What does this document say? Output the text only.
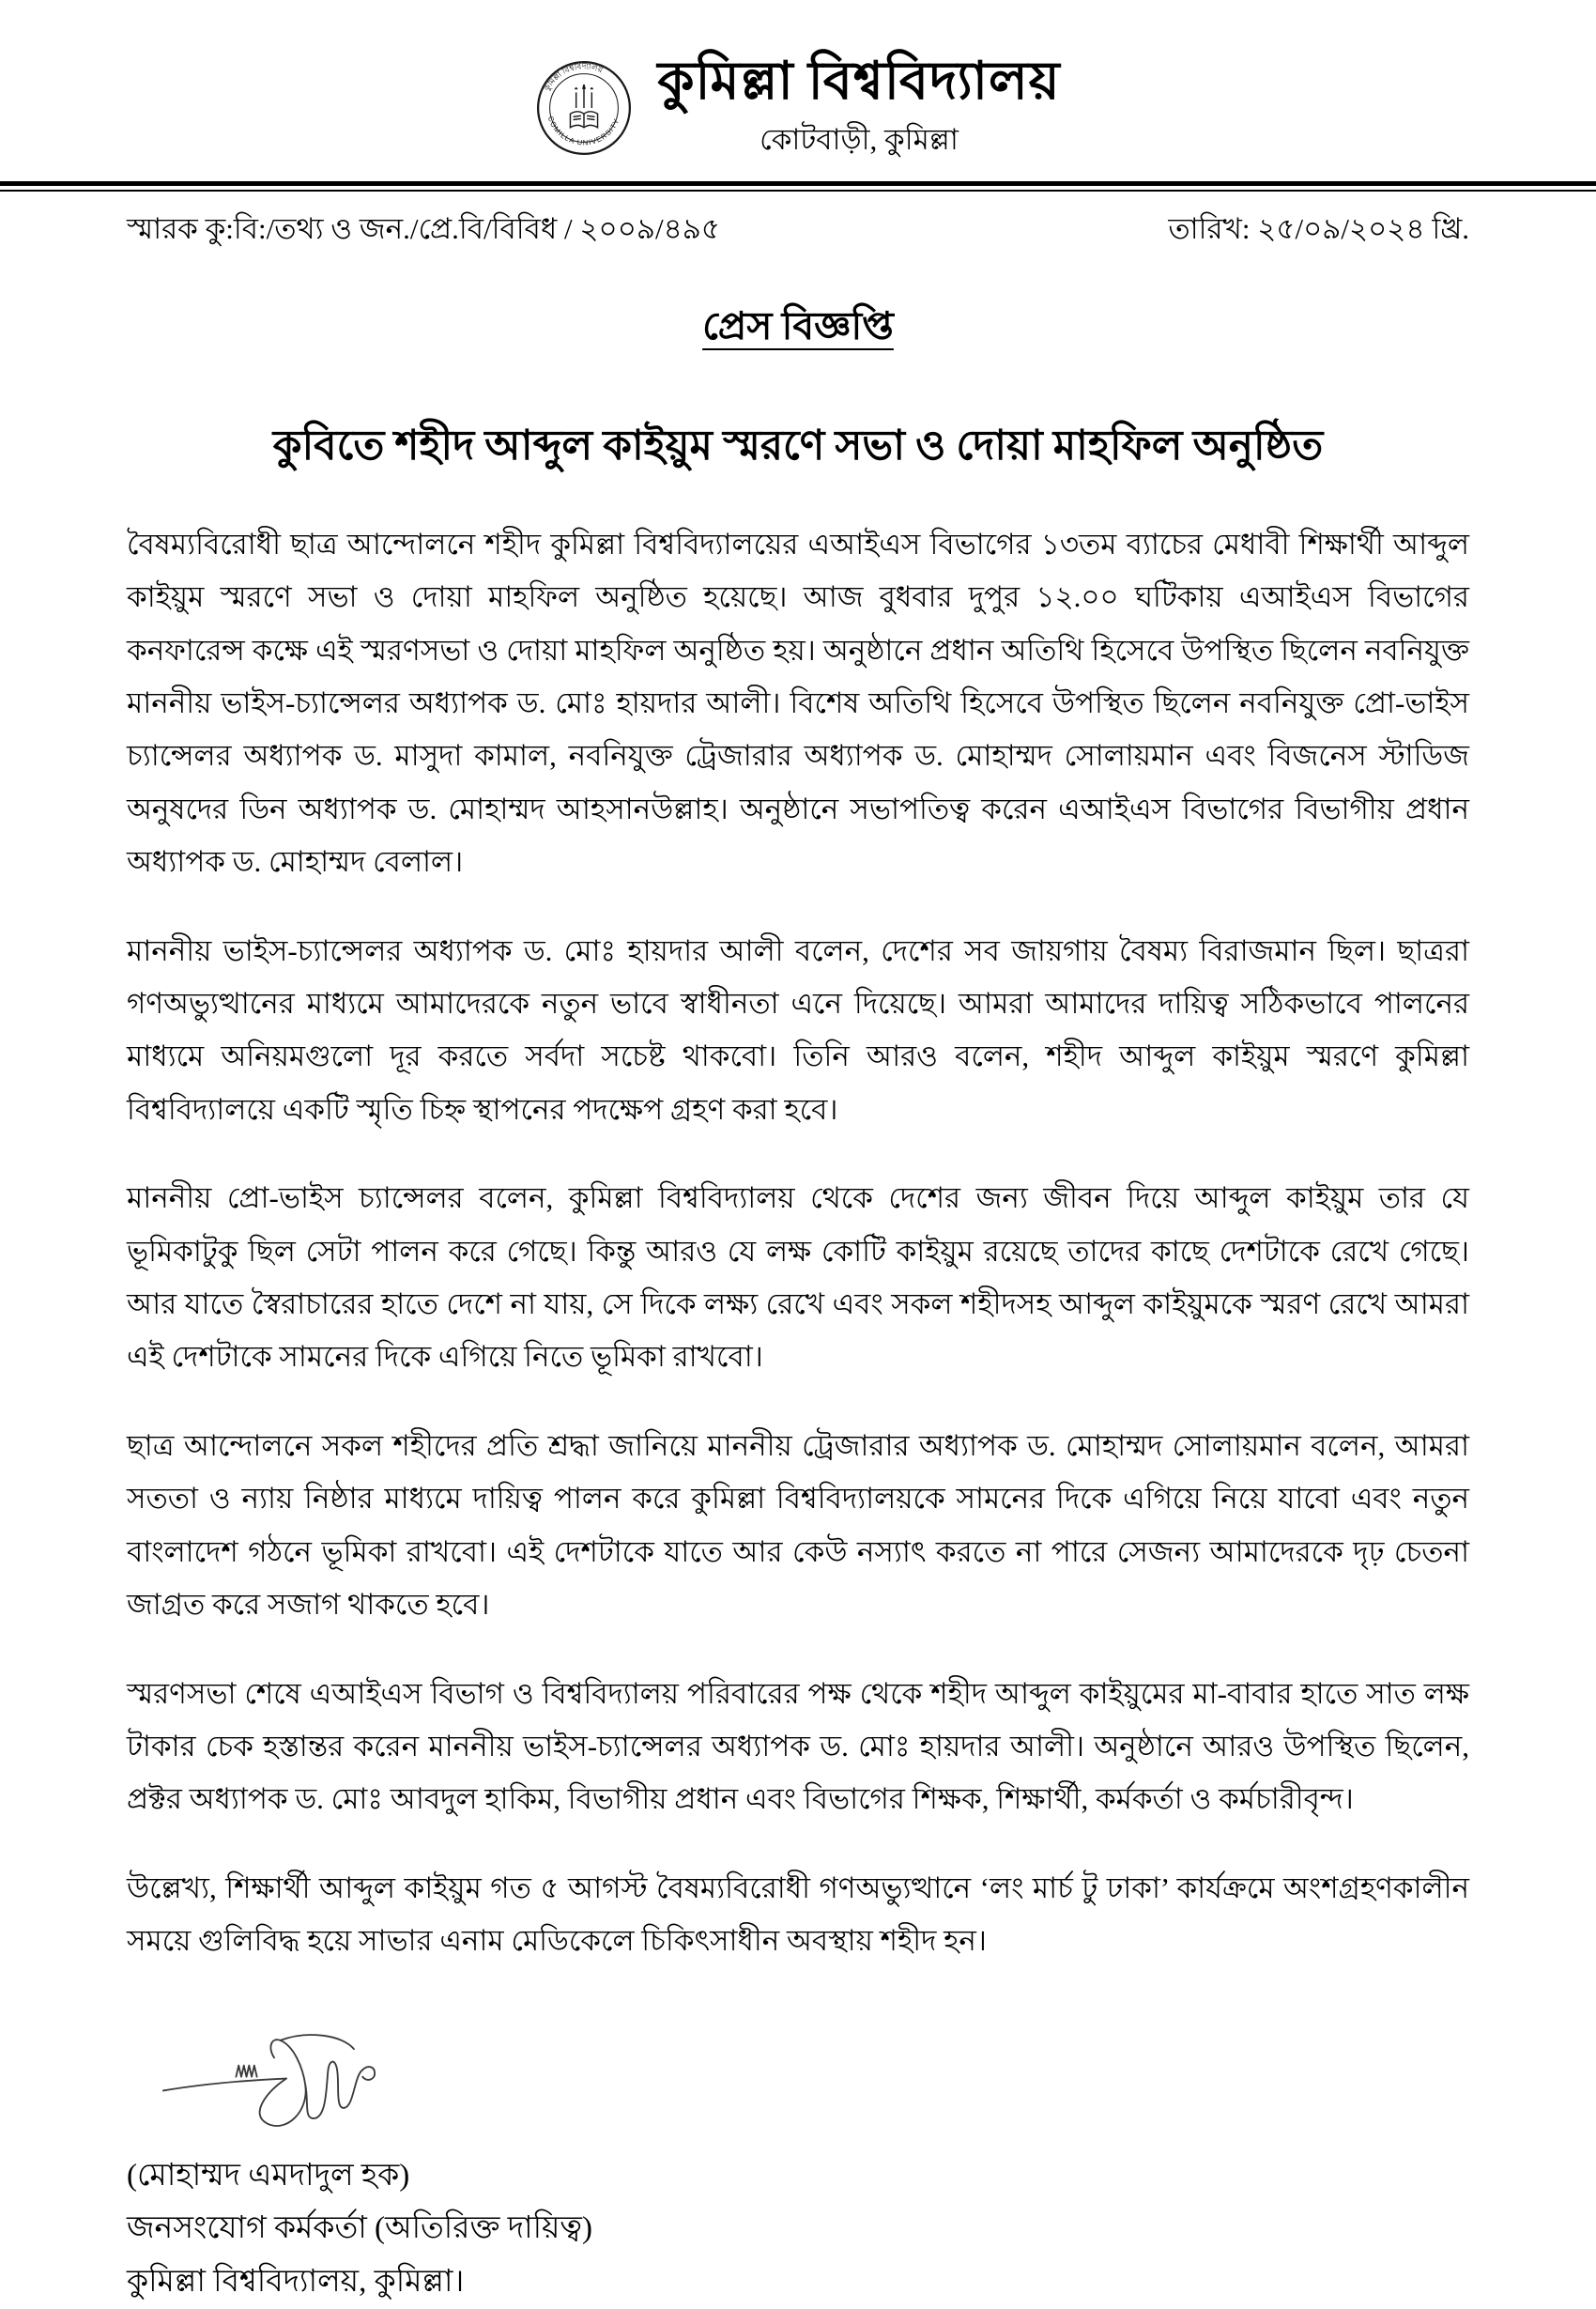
কুমিল্লা বিশ্ববিদ্যালয়
COMILLA UNIVERSITY
কুমিল্লা বিশ্ববিদ্যালয়
কোটবাড়ী, কুমিল্লা
স্মারক কু:বি:/তথ্য ও জন./প্রে.বি/বিবিধ / ২০০৯/৪৯৫	তারিখ: ২৫/০৯/২০২৪ খ্রি.
প্রেস বিজ্ঞপ্তি
কুবিতে শহীদ আব্দুল কাইয়ুম স্মরণে সভা ও দোয়া মাহফিল অনুষ্ঠিত

বৈষম্যবিরোধী ছাত্র আন্দোলনে শহীদ কুমিল্লা বিশ্ববিদ্যালয়ের এআইএস বিভাগের ১৩তম ব্যাচের মেধাবী শিক্ষার্থী আব্দুল কাইয়ুম স্মরণে সভা ও দোয়া মাহফিল অনুষ্ঠিত হয়েছে। আজ বুধবার দুপুর ১২.০০ ঘটিকায় এআইএস বিভাগের কনফারেন্স কক্ষে এই স্মরণসভা ও দোয়া মাহফিল অনুষ্ঠিত হয়। অনুষ্ঠানে প্রধান অতিথি হিসেবে উপস্থিত ছিলেন নবনিযুক্ত মাননীয় ভাইস-চ্যান্সেলর অধ্যাপক ড. মোঃ হায়দার আলী। বিশেষ অতিথি হিসেবে উপস্থিত ছিলেন নবনিযুক্ত প্রো-ভাইস চ্যান্সেলর অধ্যাপক ড. মাসুদা কামাল, নবনিযুক্ত ট্রেজারার অধ্যাপক ড. মোহাম্মদ সোলায়মান এবং বিজনেস স্টাডিজ অনুষদের ডিন অধ্যাপক ড. মোহাম্মদ আহসানউল্লাহ। অনুষ্ঠানে সভাপতিত্ব করেন এআইএস বিভাগের বিভাগীয় প্রধান অধ্যাপক ড. মোহাম্মদ বেলাল।

মাননীয় ভাইস-চ্যান্সেলর অধ্যাপক ড. মোঃ হায়দার আলী বলেন, দেশের সব জায়গায় বৈষম্য বিরাজমান ছিল। ছাত্ররা গণঅভ্যুত্থানের মাধ্যমে আমাদেরকে নতুন ভাবে স্বাধীনতা এনে দিয়েছে। আমরা আমাদের দায়িত্ব সঠিকভাবে পালনের মাধ্যমে অনিয়মগুলো দূর করতে সর্বদা সচেষ্ট থাকবো। তিনি আরও বলেন, শহীদ আব্দুল কাইয়ুম স্মরণে কুমিল্লা বিশ্ববিদ্যালয়ে একটি স্মৃতি চিহ্ন স্থাপনের পদক্ষেপ গ্রহণ করা হবে।

মাননীয় প্রো-ভাইস চ্যান্সেলর বলেন, কুমিল্লা বিশ্ববিদ্যালয় থেকে দেশের জন্য জীবন দিয়ে আব্দুল কাইয়ুম তার যে ভূমিকাটুকু ছিল সেটা পালন করে গেছে। কিন্তু আরও যে লক্ষ কোটি কাইয়ুম রয়েছে তাদের কাছে দেশটাকে রেখে গেছে। আর যাতে স্বৈরাচারের হাতে দেশে না যায়, সে দিকে লক্ষ্য রেখে এবং সকল শহীদসহ আব্দুল কাইয়ুমকে স্মরণ রেখে আমরা এই দেশটাকে সামনের দিকে এগিয়ে নিতে ভূমিকা রাখবো।

ছাত্র আন্দোলনে সকল শহীদের প্রতি শ্রদ্ধা জানিয়ে মাননীয় ট্রেজারার অধ্যাপক ড. মোহাম্মদ সোলায়মান বলেন, আমরা সততা ও ন্যায় নিষ্ঠার মাধ্যমে দায়িত্ব পালন করে কুমিল্লা বিশ্ববিদ্যালয়কে সামনের দিকে এগিয়ে নিয়ে যাবো এবং নতুন বাংলাদেশ গঠনে ভূমিকা রাখবো। এই দেশটাকে যাতে আর কেউ নস্যাৎ করতে না পারে সেজন্য আমাদেরকে দৃঢ় চেতনা জাগ্রত করে সজাগ থাকতে হবে।

স্মরণসভা শেষে এআইএস বিভাগ ও বিশ্ববিদ্যালয় পরিবারের পক্ষ থেকে শহীদ আব্দুল কাইয়ুমের মা-বাবার হাতে সাত লক্ষ টাকার চেক হস্তান্তর করেন মাননীয় ভাইস-চ্যান্সেলর অধ্যাপক ড. মোঃ হায়দার আলী। অনুষ্ঠানে আরও উপস্থিত ছিলেন, প্রক্টর অধ্যাপক ড. মোঃ আবদুল হাকিম, বিভাগীয় প্রধান এবং বিভাগের শিক্ষক, শিক্ষার্থী, কর্মকর্তা ও কর্মচারীবৃন্দ।

উল্লেখ্য, শিক্ষার্থী আব্দুল কাইয়ুম গত ৫ আগস্ট বৈষম্যবিরোধী গণঅভ্যুত্থানে ‘লং মার্চ টু ঢাকা’ কার্যক্রমে অংশগ্রহণকালীন সময়ে গুলিবিদ্ধ হয়ে সাভার এনাম মেডিকেলে চিকিৎসাধীন অবস্থায় শহীদ হন।

(মোহাম্মদ এমদাদুল হক)
জনসংযোগ কর্মকর্তা (অতিরিক্ত দায়িত্ব)
কুমিল্লা বিশ্ববিদ্যালয়, কুমিল্লা।
